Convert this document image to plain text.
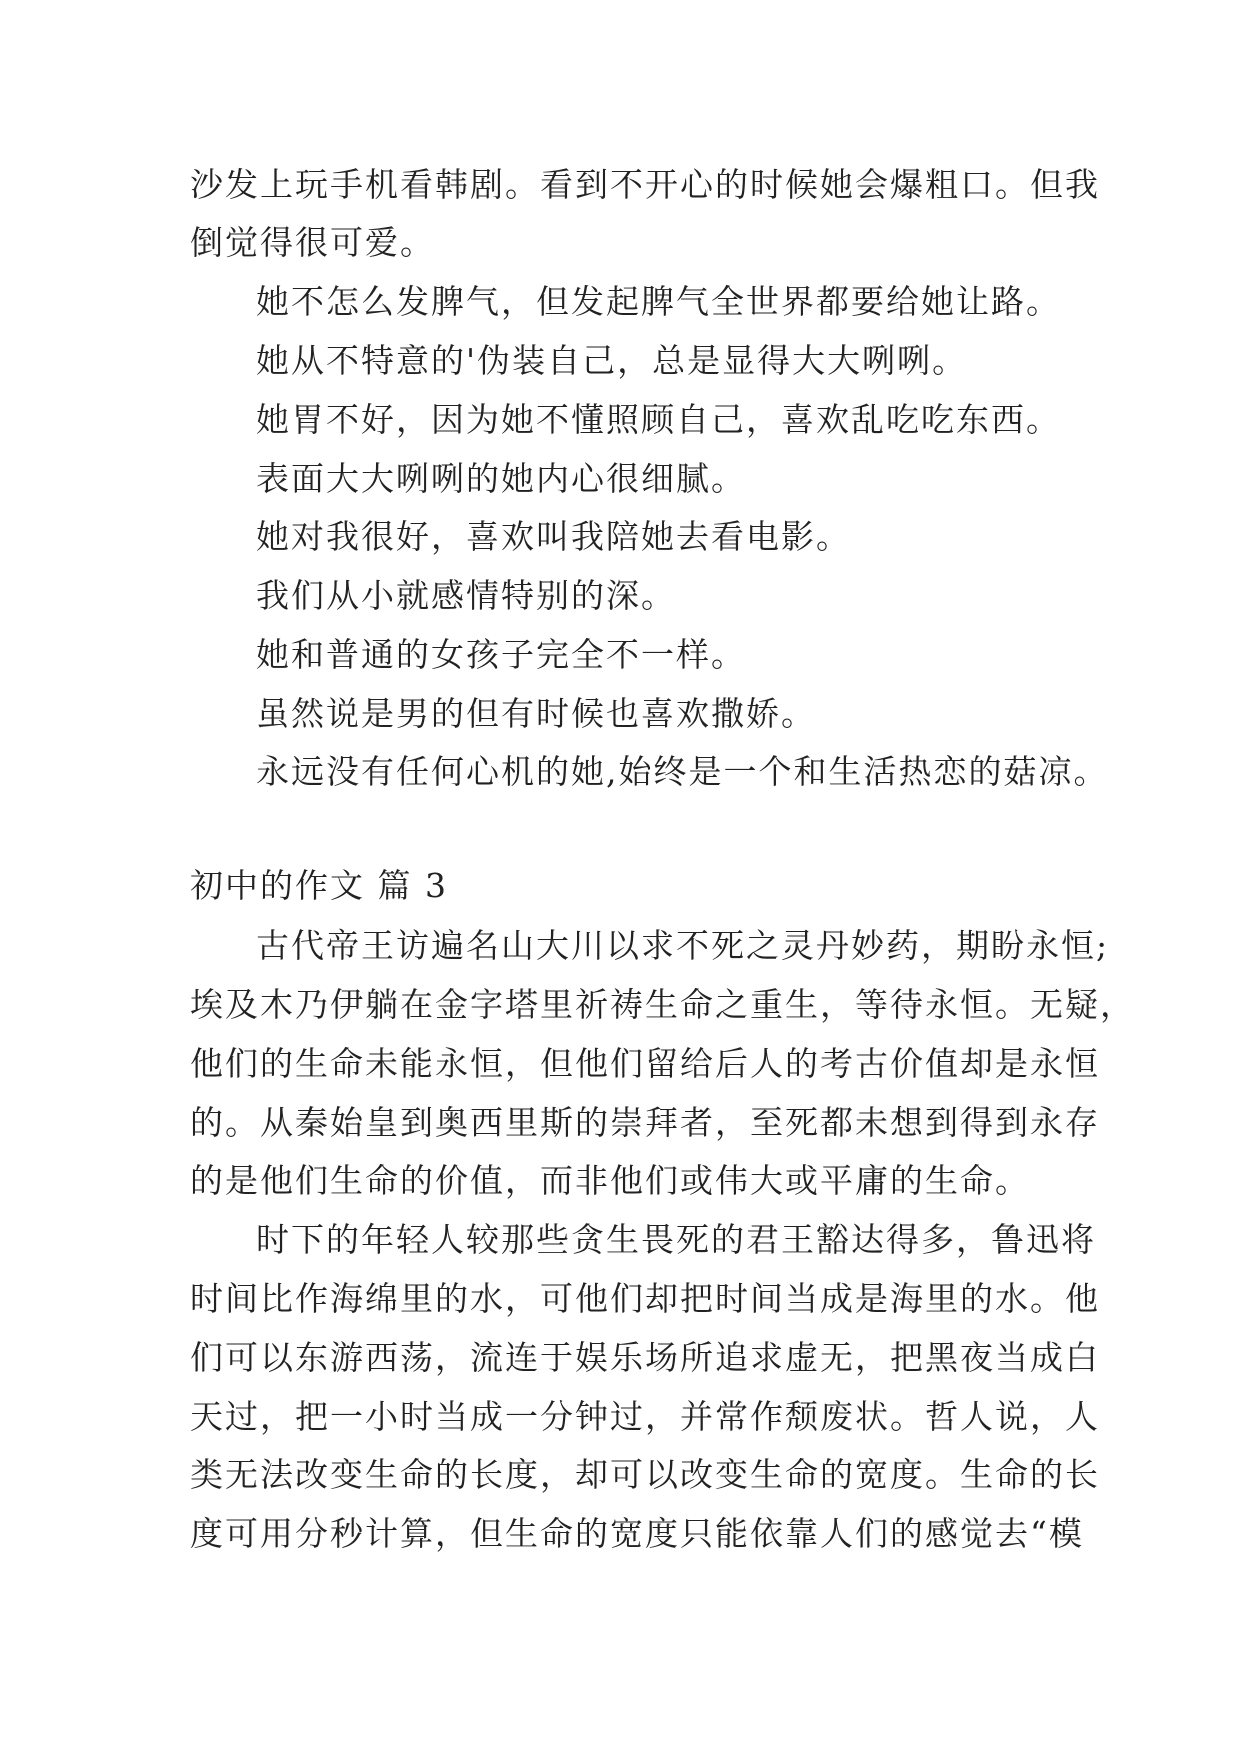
沙发上玩手机看韩剧。看到不开心的时候她会爆粗口。但我
倒觉得很可爱。
她不怎么发脾气，但发起脾气全世界都要给她让路。
她从不特意的'伪装自己，总是显得大大咧咧。
她胃不好，因为她不懂照顾自己，喜欢乱吃吃东西。
表面大大咧咧的她内心很细腻。
她对我很好，喜欢叫我陪她去看电影。
我们从小就感情特别的深。
她和普通的女孩子完全不一样。
虽然说是男的但有时候也喜欢撒娇。
永远没有任何心机的她,始终是一个和生活热恋的菇凉。
初中的作文 篇 3
古代帝王访遍名山大川以求不死之灵丹妙药，期盼永恒;
埃及木乃伊躺在金字塔里祈祷生命之重生，等待永恒。无疑，
他们的生命未能永恒，但他们留给后人的考古价值却是永恒
的。从秦始皇到奥西里斯的崇拜者，至死都未想到得到永存
的是他们生命的价值，而非他们或伟大或平庸的生命。
时下的年轻人较那些贪生畏死的君王豁达得多，鲁迅将
时间比作海绵里的水，可他们却把时间当成是海里的水。他
们可以东游西荡，流连于娱乐场所追求虚无，把黑夜当成白
天过，把一小时当成一分钟过，并常作颓废状。哲人说，人
类无法改变生命的长度，却可以改变生命的宽度。生命的长
度可用分秒计算，但生命的宽度只能依靠人们的感觉去“模
